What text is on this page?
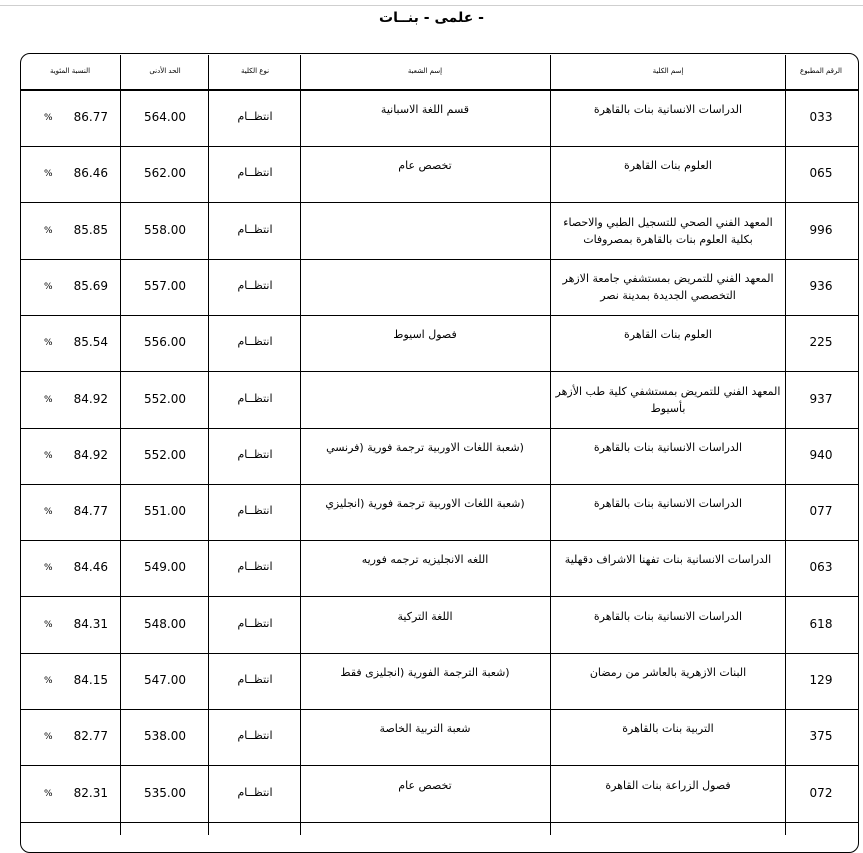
- علمى - بنــات
الرقم المطبوع
إسم الكلية
إسم الشعبة
نوع الكلية
الحد الأدنى
النسبة المئوية
033
الدراسات الانسانية بنات بالقاهرة
قسم اللغة الاسبانية
انتظــام
564.00
86.77
%
065
العلوم بنات القاهرة
تخصص عام
انتظــام
562.00
86.46
%
996
المعهد الفني الصحي للتسجيل الطبي والاحصاء بكلية العلوم بنات بالقاهرة بمصروفات
انتظــام
558.00
85.85
%
936
المعهد الفني للتمريض بمستشفي جامعة الازهر التخصصي الجديدة بمدينة نصر
انتظــام
557.00
85.69
%
225
العلوم بنات القاهرة
فصول اسيوط
انتظــام
556.00
85.54
%
937
المعهد الفني للتمريض بمستشفي كلية طب الأزهر بأسيوط
انتظــام
552.00
84.92
%
940
الدراسات الانسانية بنات بالقاهرة
(شعبة اللغات الاوربية ترجمة فورية (فرنسي
انتظــام
552.00
84.92
%
077
الدراسات الانسانية بنات بالقاهرة
(شعبة اللغات الاوربية ترجمة فورية (انجليزي
انتظــام
551.00
84.77
%
063
الدراسات الانسانية بنات تفهنا الاشراف دقهلية
اللغه الانجليزيه ترجمه فوريه
انتظــام
549.00
84.46
%
618
الدراسات الانسانية بنات بالقاهرة
اللغة التركية
انتظــام
548.00
84.31
%
129
البنات الازهرية بالعاشر من رمضان
(شعبة الترجمة الفورية (انجليزى فقط
انتظــام
547.00
84.15
%
375
التربية بنات بالقاهرة
شعبة التربية الخاصة
انتظــام
538.00
82.77
%
072
فصول الزراعة بنات القاهرة
تخصص عام
انتظــام
535.00
82.31
%
